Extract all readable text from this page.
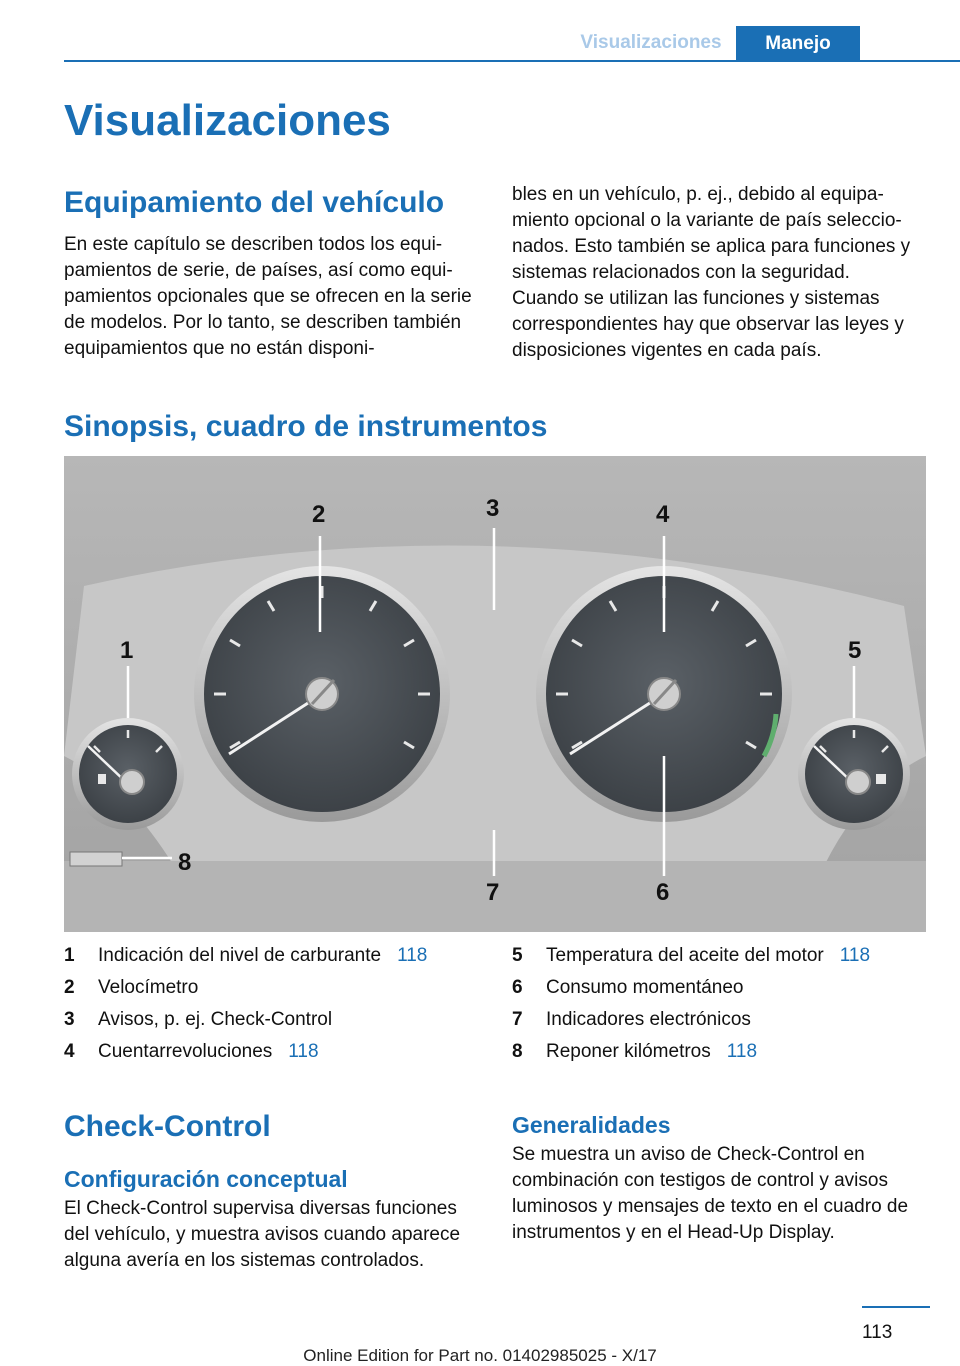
Visualizaciones	Manejo
Visualizaciones
Equipamiento del vehículo
En este capítulo se describen todos los equipamientos de serie, de países, así como equipamientos opcionales que se ofrecen en la serie de modelos. Por lo tanto, se describen también equipamientos que no están disponi‐
bles en un vehículo, p. ej., debido al equipamiento opcional o la variante de país seleccionados. Esto también se aplica para funciones y sistemas relacionados con la seguridad.
Cuando se utilizan las funciones y sistemas correspondientes hay que observar las leyes y disposiciones vigentes en cada país.
Sinopsis, cuadro de instrumentos
1
2	3	4
5
6
7
8
1	Indicación del nivel de carburante 118
2	Velocímetro
3	Avisos, p. ej. Check-Control
4	Cuentarrevoluciones 118
5	Temperatura del aceite del motor 118
6	Consumo momentáneo
7	Indicadores electrónicos
8	Reponer kilómetros 118
Check-Control
Configuración conceptual
El Check-Control supervisa diversas funciones del vehículo, y muestra avisos cuando aparece alguna avería en los sistemas controlados.
Generalidades
Se muestra un aviso de Check-Control en combinación con testigos de control y avisos luminosos y mensajes de texto en el cuadro de instrumentos y en el Head-Up Display.
113
Online Edition for Part no. 01402985025 - X/17
